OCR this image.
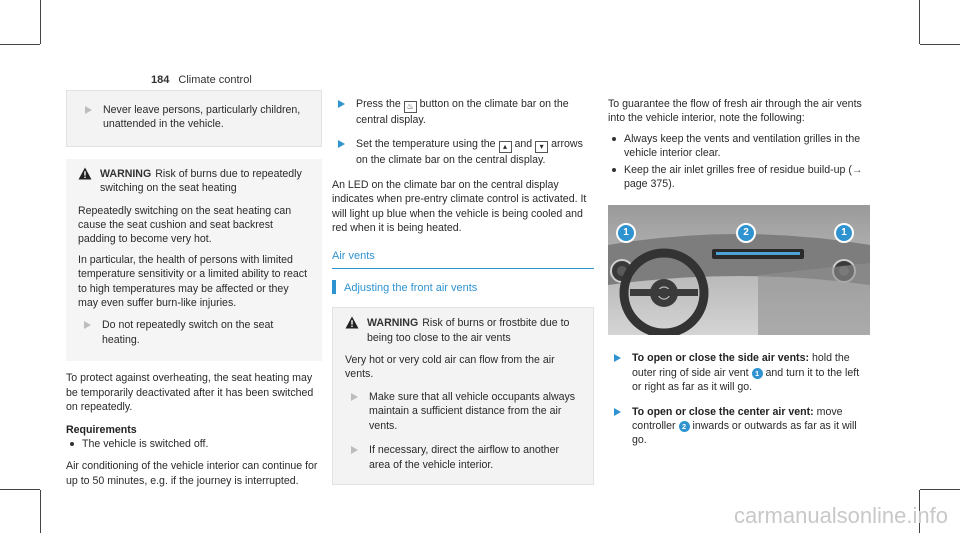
184 Climate control
Never leave persons, particularly children, unattended in the vehicle.
WARNING Risk of burns due to repeatedly switching on the seat heating

Repeatedly switching on the seat heating can cause the seat cushion and seat backrest padding to become very hot.

In particular, the health of persons with limited temperature sensitivity or a limited ability to react to high temperatures may be affected or they may even suffer burn-like injuries.

Do not repeatedly switch on the seat heating.

To protect against overheating, the seat heating may be temporarily deactivated after it has been switched on repeatedly.

Requirements
The vehicle is switched off.

Air conditioning of the vehicle interior can continue for up to 50 minutes, e.g. if the journey is interrupted.

Press the ♨ button on the climate bar on the central display.
Set the temperature using the ▴ and ▾ arrows on the climate bar on the central display.

An LED on the climate bar on the central display indicates when pre-entry climate control is activated. It will light up blue when the vehicle is being cooled and red when it is being heated.

Air vents
Adjusting the front air vents
WARNING Risk of burns or frostbite due to being too close to the air vents

Very hot or very cold air can flow from the air vents.

Make sure that all vehicle occupants always maintain a sufficient distance from the air vents.
If necessary, direct the airflow to another area of the vehicle interior.

To guarantee the flow of fresh air through the air vents into the vehicle interior, note the following:

Always keep the vents and ventilation grilles in the vehicle interior clear.
Keep the air inlet grilles free of residue build-up (→ page 375).
1	2	1
To open or close the side air vents: hold the outer ring of side air vent 1 and turn it to the left or right as far as it will go.
To open or close the center air vent: move controller 2 inwards or outwards as far as it will go.
carmanualsonline.info
